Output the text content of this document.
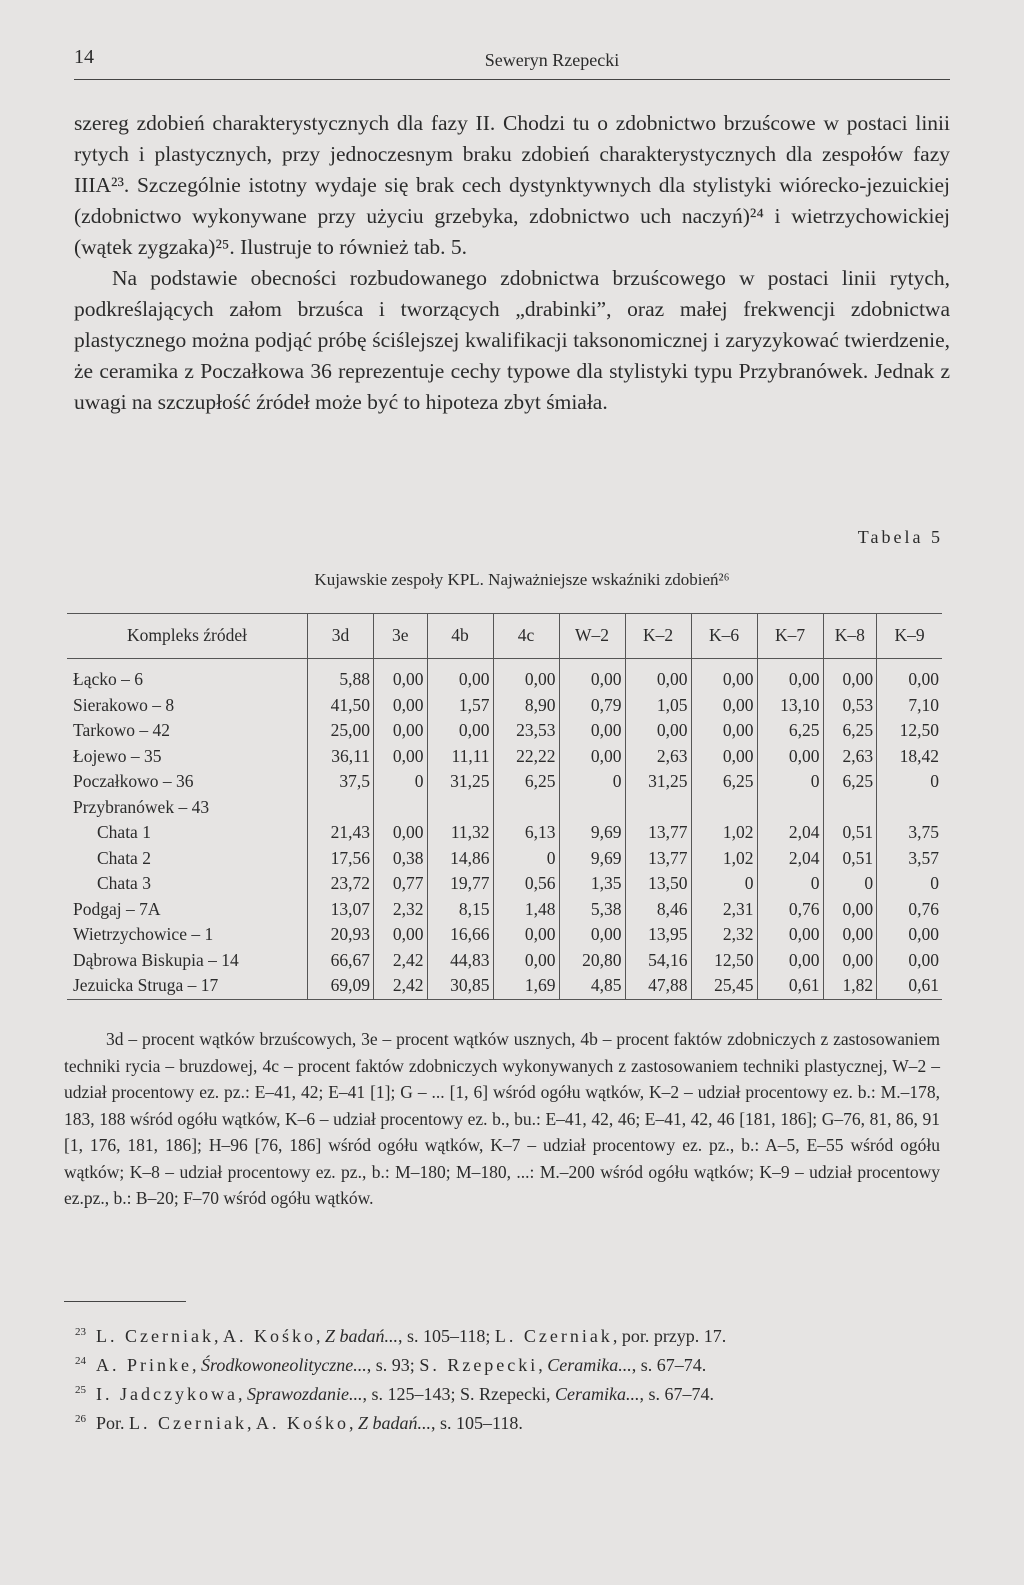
14	Seweryn Rzepecki

szereg zdobień charakterystycznych dla fazy II. Chodzi tu o zdobnictwo brzuścowe w postaci linii rytych i plastycznych, przy jednoczesnym braku zdobień charakterystycznych dla zespołów fazy IIIA²³. Szczególnie istotny wydaje się brak cech dystynktywnych dla stylistyki wiórecko-jezuickiej (zdobnictwo wykonywane przy użyciu grzebyka, zdobnictwo uch naczyń)²⁴ i wietrzychowickiej (wątek zygzaka)²⁵. Ilustruje to również tab. 5.

Na podstawie obecności rozbudowanego zdobnictwa brzuścowego w postaci linii rytych, podkreślających załom brzuśca i tworzących „drabinki”, oraz małej frekwencji zdobnictwa plastycznego można podjąć próbę ściślejszej kwalifikacji taksonomicznej i zaryzykować twierdzenie, że ceramika z Poczałkowa 36 reprezentuje cechy typowe dla stylistyki typu Przybranówek. Jednak z uwagi na szczupłość źródeł może być to hipoteza zbyt śmiała.

Tabela 5
Kujawskie zespoły KPL. Najważniejsze wskaźniki zdobień²⁶
Kompleks źródeł	3d	3e	4b	4c	W–2	K–2	K–6	K–7	K–8	K–9
Łącko – 6	5,88	0,00	0,00	0,00	0,00	0,00	0,00	0,00	0,00	0,00
Sierakowo – 8	41,50	0,00	1,57	8,90	0,79	1,05	0,00	13,10	0,53	7,10
Tarkowo – 42	25,00	0,00	0,00	23,53	0,00	0,00	0,00	6,25	6,25	12,50
Łojewo – 35	36,11	0,00	11,11	22,22	0,00	2,63	0,00	0,00	2,63	18,42
Poczałkowo – 36	37,5	0	31,25	6,25	0	31,25	6,25	0	6,25	0
Przybranówek – 43										
Chata 1	21,43	0,00	11,32	6,13	9,69	13,77	1,02	2,04	0,51	3,75
Chata 2	17,56	0,38	14,86	0	9,69	13,77	1,02	2,04	0,51	3,57
Chata 3	23,72	0,77	19,77	0,56	1,35	13,50	0	0	0	0
Podgaj – 7A	13,07	2,32	8,15	1,48	5,38	8,46	2,31	0,76	0,00	0,76
Wietrzychowice – 1	20,93	0,00	16,66	0,00	0,00	13,95	2,32	0,00	0,00	0,00
Dąbrowa Biskupia – 14	66,67	2,42	44,83	0,00	20,80	54,16	12,50	0,00	0,00	0,00
Jezuicka Struga – 17	69,09	2,42	30,85	1,69	4,85	47,88	25,45	0,61	1,82	0,61
3d – procent wątków brzuścowych, 3e – procent wątków usznych, 4b – procent faktów zdobniczych z zastosowaniem techniki rycia – bruzdowej, 4c – procent faktów zdobniczych wykonywanych z zastosowaniem techniki plastycznej, W–2 – udział procentowy ez. pz.: E–41, 42; E–41 [1]; G – ... [1, 6] wśród ogółu wątków, K–2 – udział procentowy ez. b.: M.–178, 183, 188 wśród ogółu wątków, K–6 – udział procentowy ez. b., bu.: E–41, 42, 46; E–41, 42, 46 [181, 186]; G–76, 81, 86, 91 [1, 176, 181, 186]; H–96 [76, 186] wśród ogółu wątków, K–7 – udział procentowy ez. pz., b.: A–5, E–55 wśród ogółu wątków; K–8 – udział procentowy ez. pz., b.: M–180; M–180, ...: M.–200 wśród ogółu wątków; K–9 – udział procentowy ez.pz., b.: B–20; F–70 wśród ogółu wątków.
23 L. Czerniak, A. Kośko, Z badań..., s. 105–118; L. Czerniak, por. przyp. 17.
24 A. Prinke, Środkowoneolityczne..., s. 93; S. Rzepecki, Ceramika..., s. 67–74.
25 I. Jadczykowa, Sprawozdanie..., s. 125–143; S. Rzepecki, Ceramika..., s. 67–74.
26 Por. L. Czerniak, A. Kośko, Z badań..., s. 105–118.
